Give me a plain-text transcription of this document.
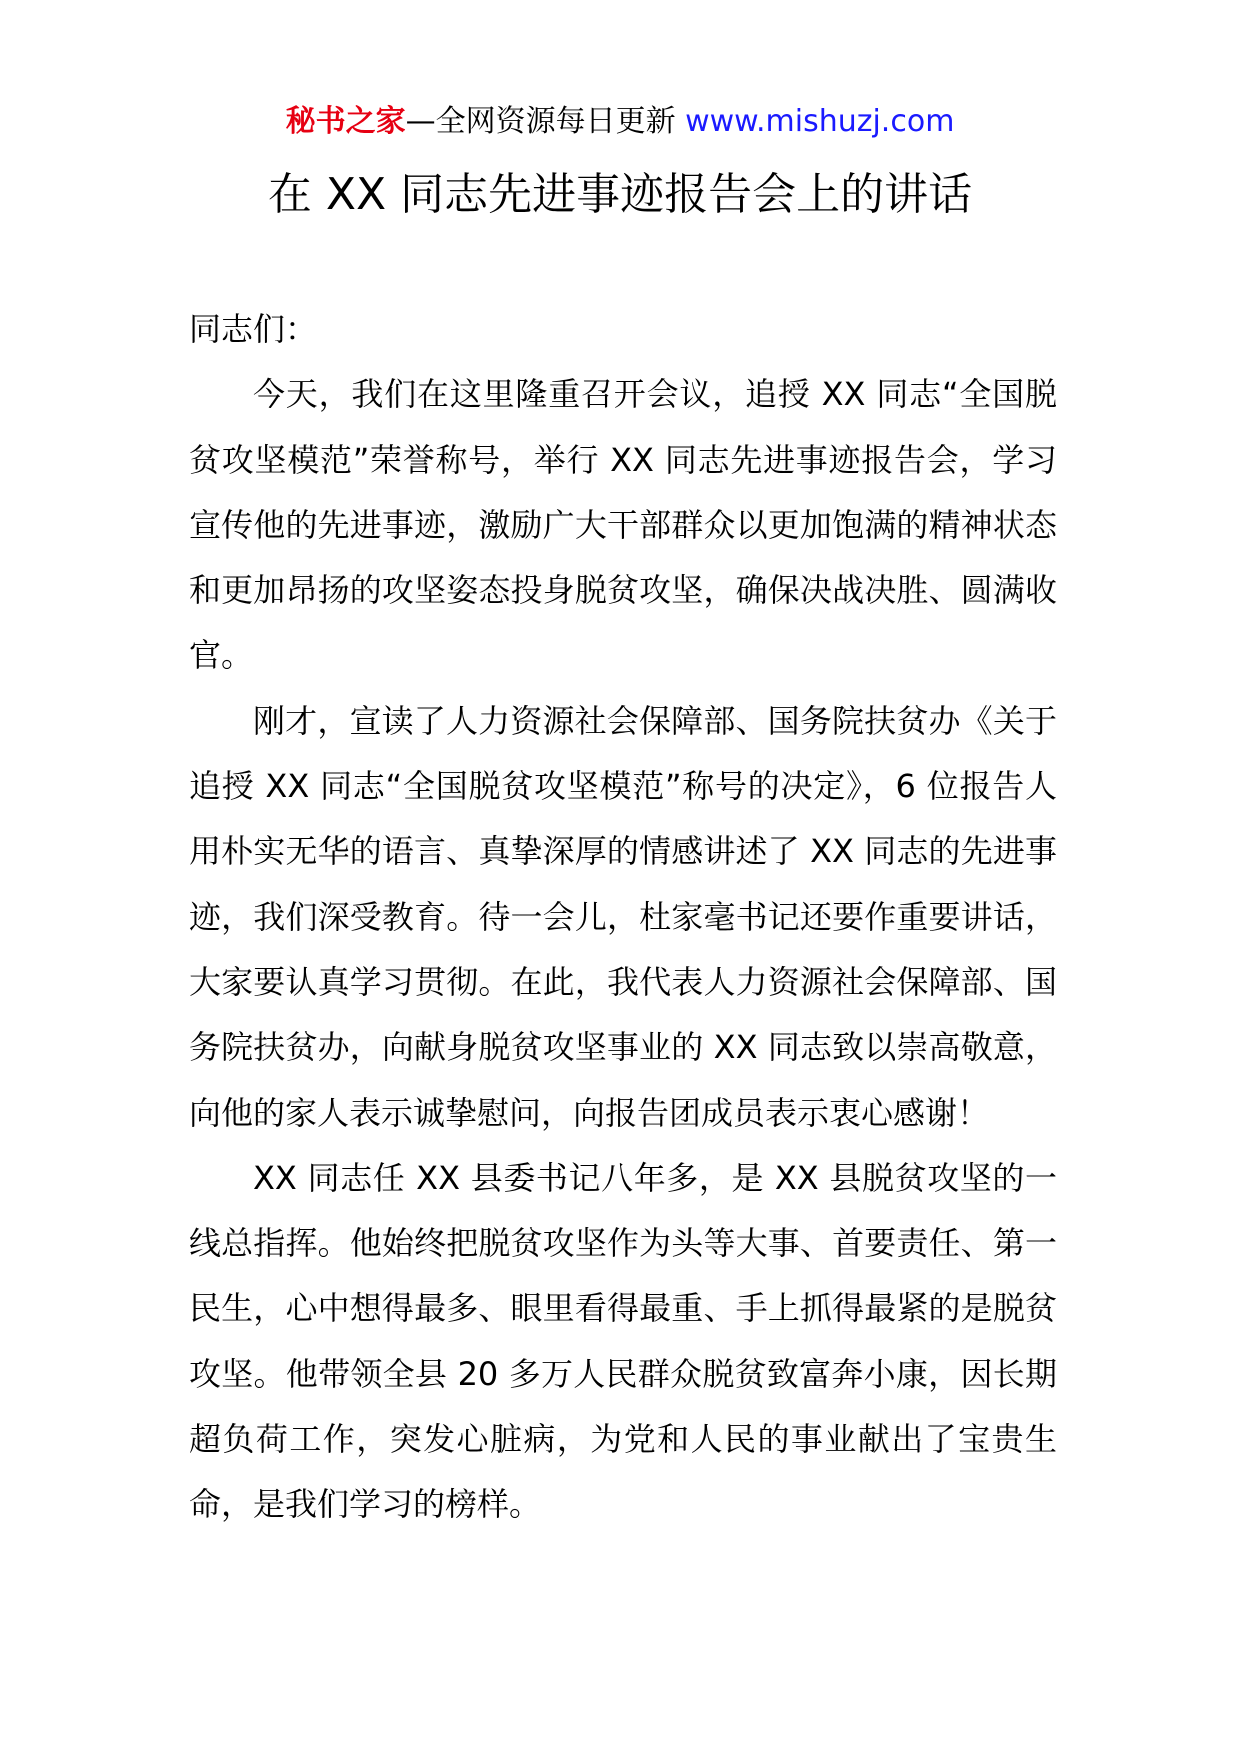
秘书之家—全网资源每日更新 www.mishuzj.com
在 XX 同志先进事迹报告会上的讲话

同志们：

今天，我们在这里隆重召开会议，追授 XX 同志“全国脱贫攻坚模范”荣誉称号，举行 XX 同志先进事迹报告会，学习宣传他的先进事迹，激励广大干部群众以更加饱满的精神状态和更加昂扬的攻坚姿态投身脱贫攻坚，确保决战决胜、圆满收官。

刚才，宣读了人力资源社会保障部、国务院扶贫办《关于追授 XX 同志“全国脱贫攻坚模范”称号的决定》，6 位报告人用朴实无华的语言、真挚深厚的情感讲述了 XX 同志的先进事迹，我们深受教育。待一会儿，杜家毫书记还要作重要讲话，大家要认真学习贯彻。在此，我代表人力资源社会保障部、国务院扶贫办，向献身脱贫攻坚事业的 XX 同志致以崇高敬意，向他的家人表示诚挚慰问，向报告团成员表示衷心感谢！

XX 同志任 XX 县委书记八年多，是 XX 县脱贫攻坚的一线总指挥。他始终把脱贫攻坚作为头等大事、首要责任、第一民生，心中想得最多、眼里看得最重、手上抓得最紧的是脱贫攻坚。他带领全县 20 多万人民群众脱贫致富奔小康，因长期超负荷工作，突发心脏病，为党和人民的事业献出了宝贵生命，是我们学习的榜样。
